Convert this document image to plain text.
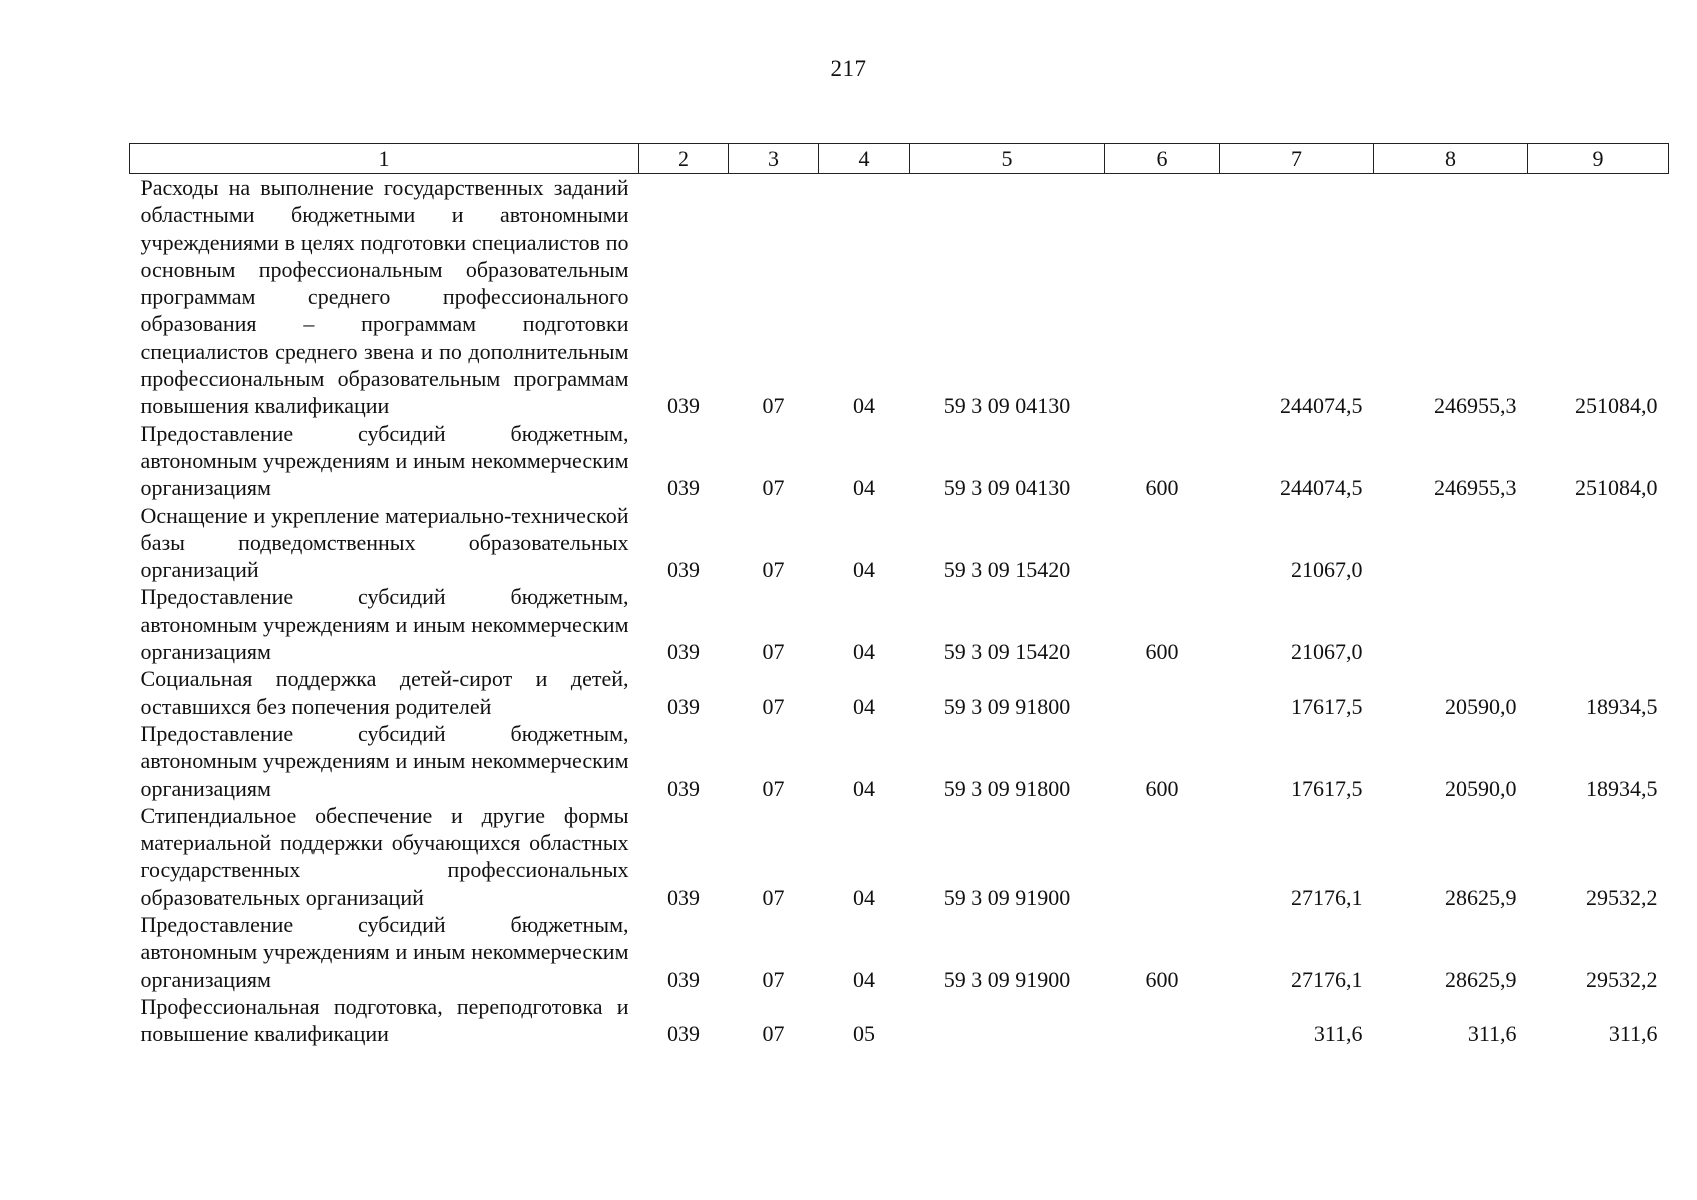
217
1	2	3	4	5	6	7	8	9
Расходы на выполнение государственных заданий областными бюджетными и автономными учреждениями в целях подготовки специалистов по основным профессиональным образовательным программам среднего профессионального образования – программам подготовки специалистов среднего звена и по дополнительным профессиональным образовательным программам повышения квалификации	039	07	04	59 3 09 04130		244074,5	246955,3	251084,0
Предоставление субсидий бюджетным, автономным учреждениям и иным некоммерческим организациям	039	07	04	59 3 09 04130	600	244074,5	246955,3	251084,0
Оснащение и укрепление материально-технической базы подведомственных образовательных организаций	039	07	04	59 3 09 15420		21067,0		
Предоставление субсидий бюджетным, автономным учреждениям и иным некоммерческим организациям	039	07	04	59 3 09 15420	600	21067,0		
Социальная поддержка детей-сирот и детей, оставшихся без попечения родителей	039	07	04	59 3 09 91800		17617,5	20590,0	18934,5
Предоставление субсидий бюджетным, автономным учреждениям и иным некоммерческим организациям	039	07	04	59 3 09 91800	600	17617,5	20590,0	18934,5
Стипендиальное обеспечение и другие формы материальной поддержки обучающихся областных государственных профессиональных образовательных организаций	039	07	04	59 3 09 91900		27176,1	28625,9	29532,2
Предоставление субсидий бюджетным, автономным учреждениям и иным некоммерческим организациям	039	07	04	59 3 09 91900	600	27176,1	28625,9	29532,2
Профессиональная подготовка, переподготовка и повышение квалификации	039	07	05			311,6	311,6	311,6
